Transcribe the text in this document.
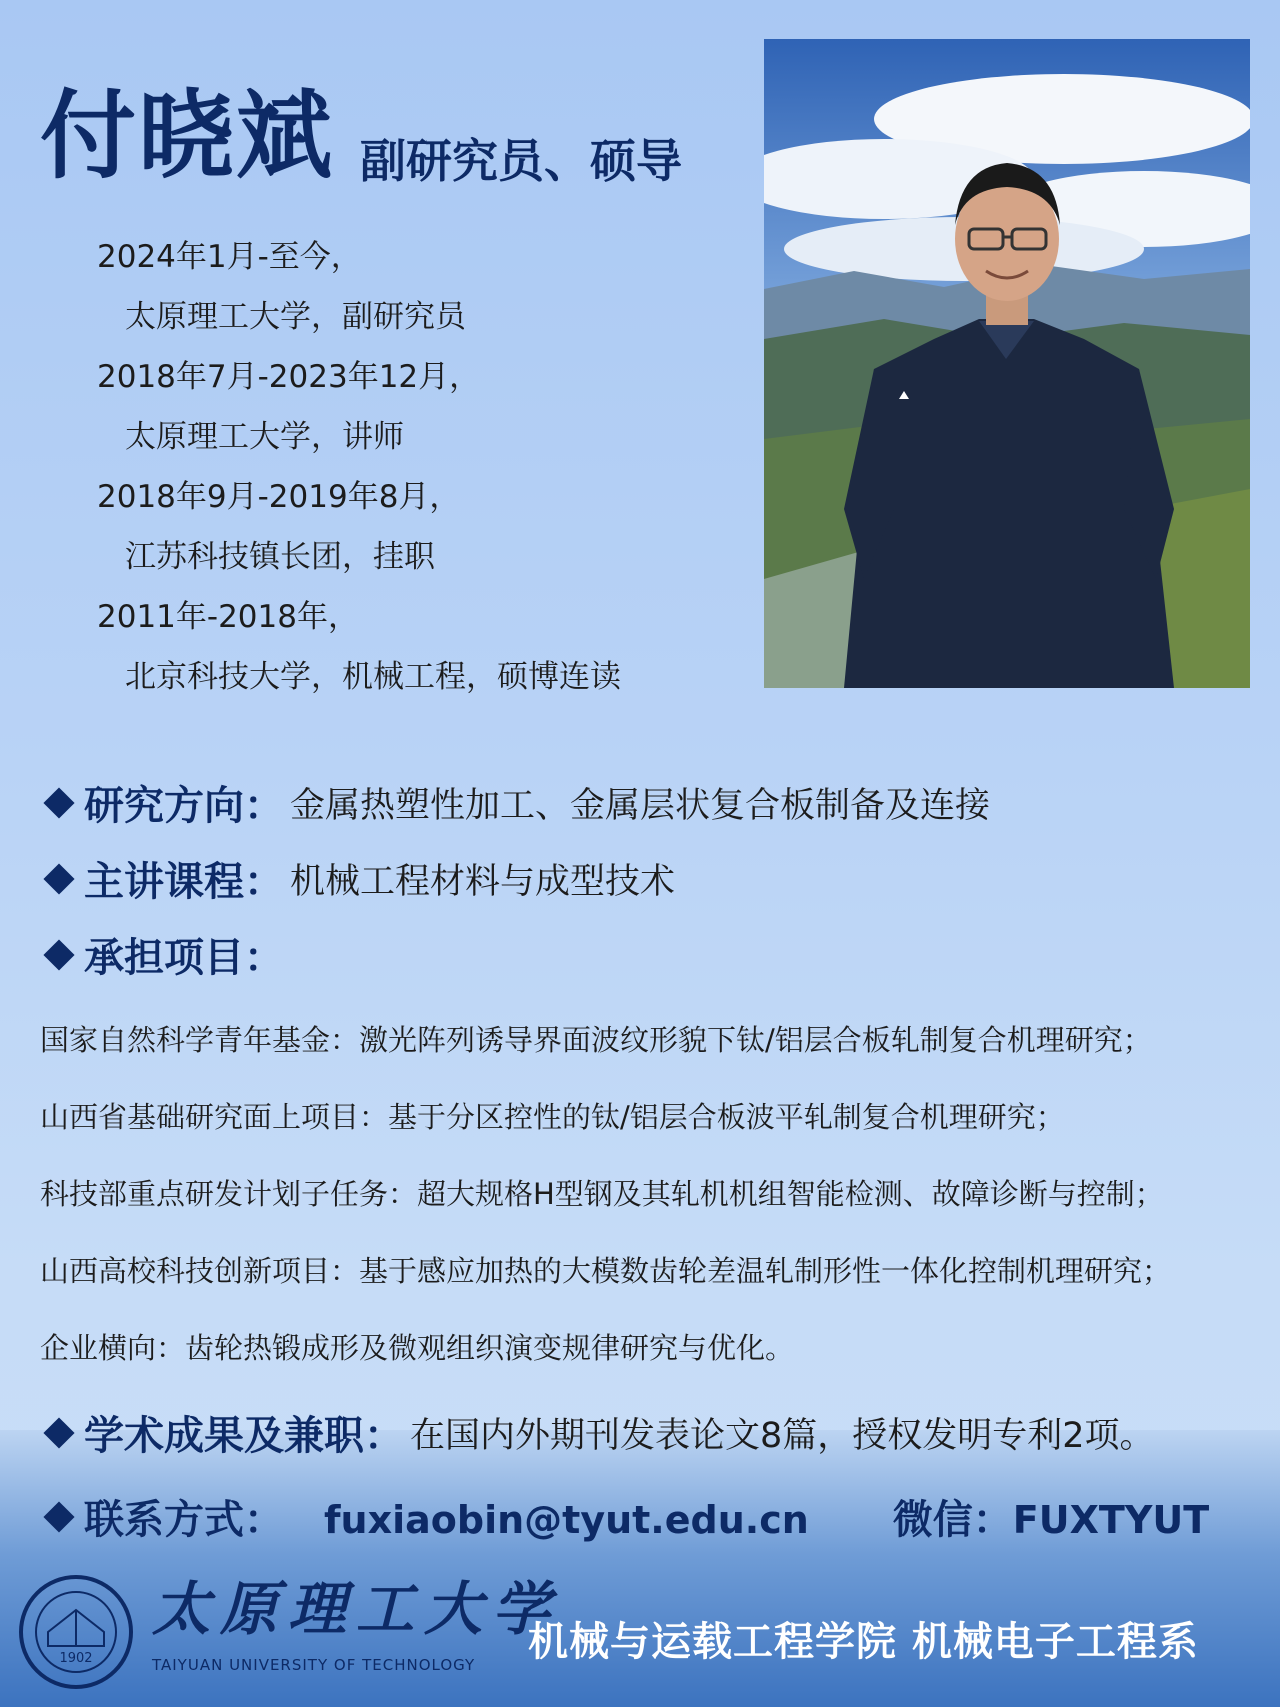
付晓斌 副研究员、硕导
2024年1月-至今，
太原理工大学，副研究员
2018年7月-2023年12月，
太原理工大学，讲师
2018年9月-2019年8月，
江苏科技镇长团，挂职
2011年-2018年，
北京科技大学，机械工程，硕博连读
研究方向： 金属热塑性加工、金属层状复合板制备及连接
主讲课程： 机械工程材料与成型技术
承担项目：
国家自然科学青年基金：激光阵列诱导界面波纹形貌下钛/铝层合板轧制复合机理研究；
山西省基础研究面上项目：基于分区控性的钛/铝层合板波平轧制复合机理研究；
科技部重点研发计划子任务：超大规格H型钢及其轧机机组智能检测、故障诊断与控制；
山西高校科技创新项目：基于感应加热的大模数齿轮差温轧制形性一体化控制机理研究；
企业横向：齿轮热锻成形及微观组织演变规律研究与优化。
学术成果及兼职： 在国内外期刊发表论文8篇，授权发明专利2项。
联系方式： fuxiaobin@tyut.edu.cn 微信：FUXTYUT
1902
太原理工大学
TAIYUAN UNIVERSITY OF TECHNOLOGY 机械与运载工程学院 机械电子工程系
